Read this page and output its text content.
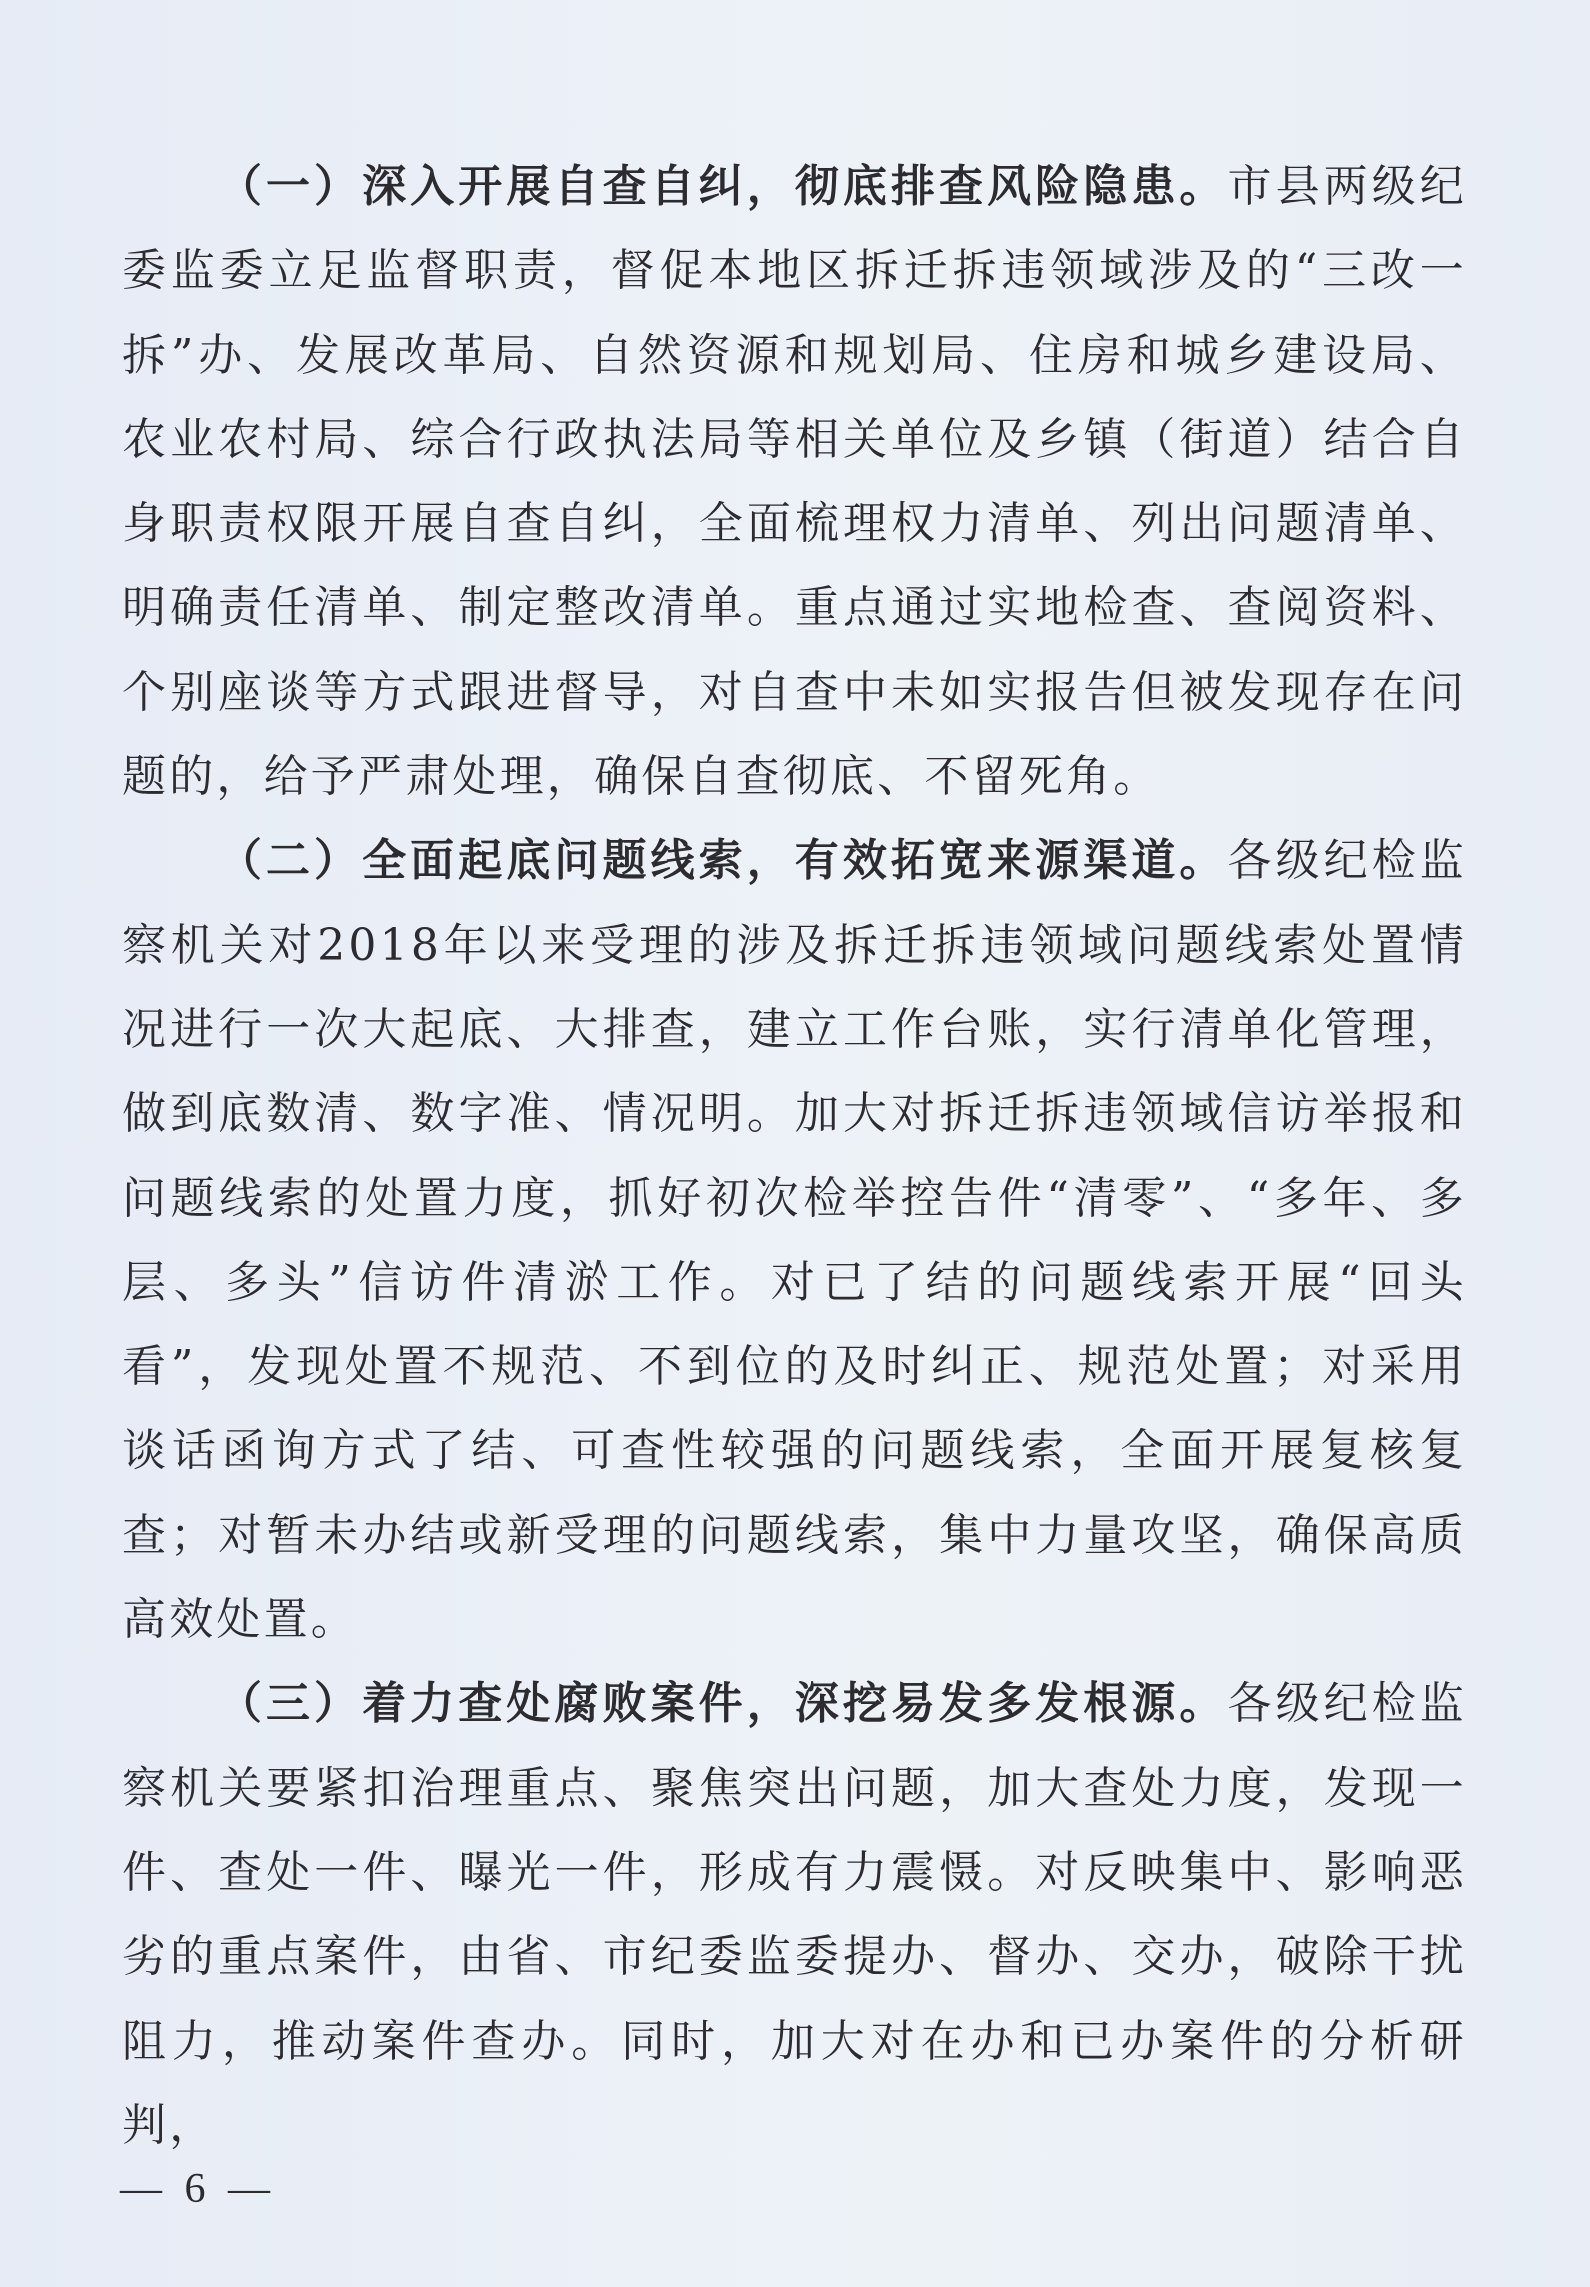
（一）深入开展自查自纠，彻底排查风险隐患。市县两级纪委监委立足监督职责，督促本地区拆迁拆违领域涉及的“三改一拆”办、发展改革局、自然资源和规划局、住房和城乡建设局、农业农村局、综合行政执法局等相关单位及乡镇（街道）结合自身职责权限开展自查自纠，全面梳理权力清单、列出问题清单、明确责任清单、制定整改清单。重点通过实地检查、查阅资料、个别座谈等方式跟进督导，对自查中未如实报告但被发现存在问题的，给予严肃处理，确保自查彻底、不留死角。

（二）全面起底问题线索，有效拓宽来源渠道。各级纪检监察机关对2018年以来受理的涉及拆迁拆违领域问题线索处置情况进行一次大起底、大排查，建立工作台账，实行清单化管理，做到底数清、数字准、情况明。加大对拆迁拆违领域信访举报和问题线索的处置力度，抓好初次检举控告件“清零”、“多年、多层、多头”信访件清淤工作。对已了结的问题线索开展“回头看”，发现处置不规范、不到位的及时纠正、规范处置；对采用谈话函询方式了结、可查性较强的问题线索，全面开展复核复查；对暂未办结或新受理的问题线索，集中力量攻坚，确保高质高效处置。

（三）着力查处腐败案件，深挖易发多发根源。各级纪检监察机关要紧扣治理重点、聚焦突出问题，加大查处力度，发现一件、查处一件、曝光一件，形成有力震慑。对反映集中、影响恶劣的重点案件，由省、市纪委监委提办、督办、交办，破除干扰阻力，推动案件查办。同时，加大对在办和已办案件的分析研判，

— 6 —
